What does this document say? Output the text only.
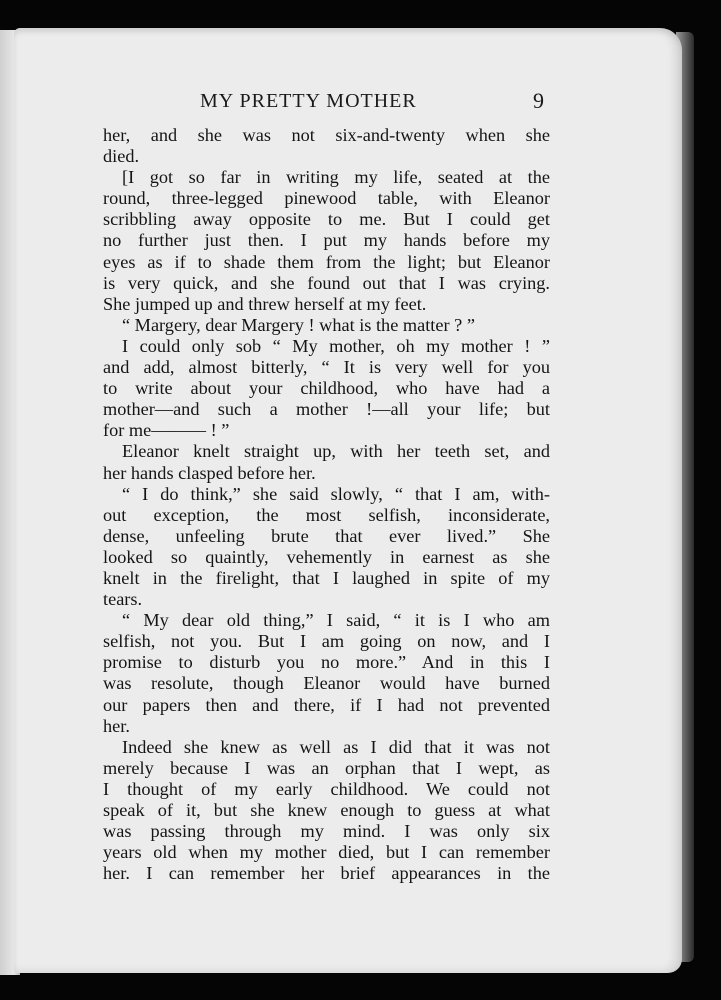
MY PRETTY MOTHER	9
her, and she was not six-and-twenty when she
died.
[I got so far in writing my life, seated at the
round, three-legged pinewood table, with Eleanor
scribbling away opposite to me. But I could get
no further just then. I put my hands before my
eyes as if to shade them from the light; but Eleanor
is very quick, and she found out that I was crying.
She jumped up and threw herself at my feet.
“ Margery, dear Margery ! what is the matter ? ”
I could only sob “ My mother, oh my mother ! ”
and add, almost bitterly, “ It is very well for you
to write about your childhood, who have had a
mother—and such a mother !—all your life; but
for me——— ! ”
Eleanor knelt straight up, with her teeth set, and
her hands clasped before her.
“ I do think,” she said slowly, “ that I am, with-
out exception, the most selfish, inconsiderate,
dense, unfeeling brute that ever lived.” She
looked so quaintly, vehemently in earnest as she
knelt in the firelight, that I laughed in spite of my
tears.
“ My dear old thing,” I said, “ it is I who am
selfish, not you. But I am going on now, and I
promise to disturb you no more.” And in this I
was resolute, though Eleanor would have burned
our papers then and there, if I had not prevented
her.
Indeed she knew as well as I did that it was not
merely because I was an orphan that I wept, as
I thought of my early childhood. We could not
speak of it, but she knew enough to guess at what
was passing through my mind. I was only six
years old when my mother died, but I can remember
her. I can remember her brief appearances in the
